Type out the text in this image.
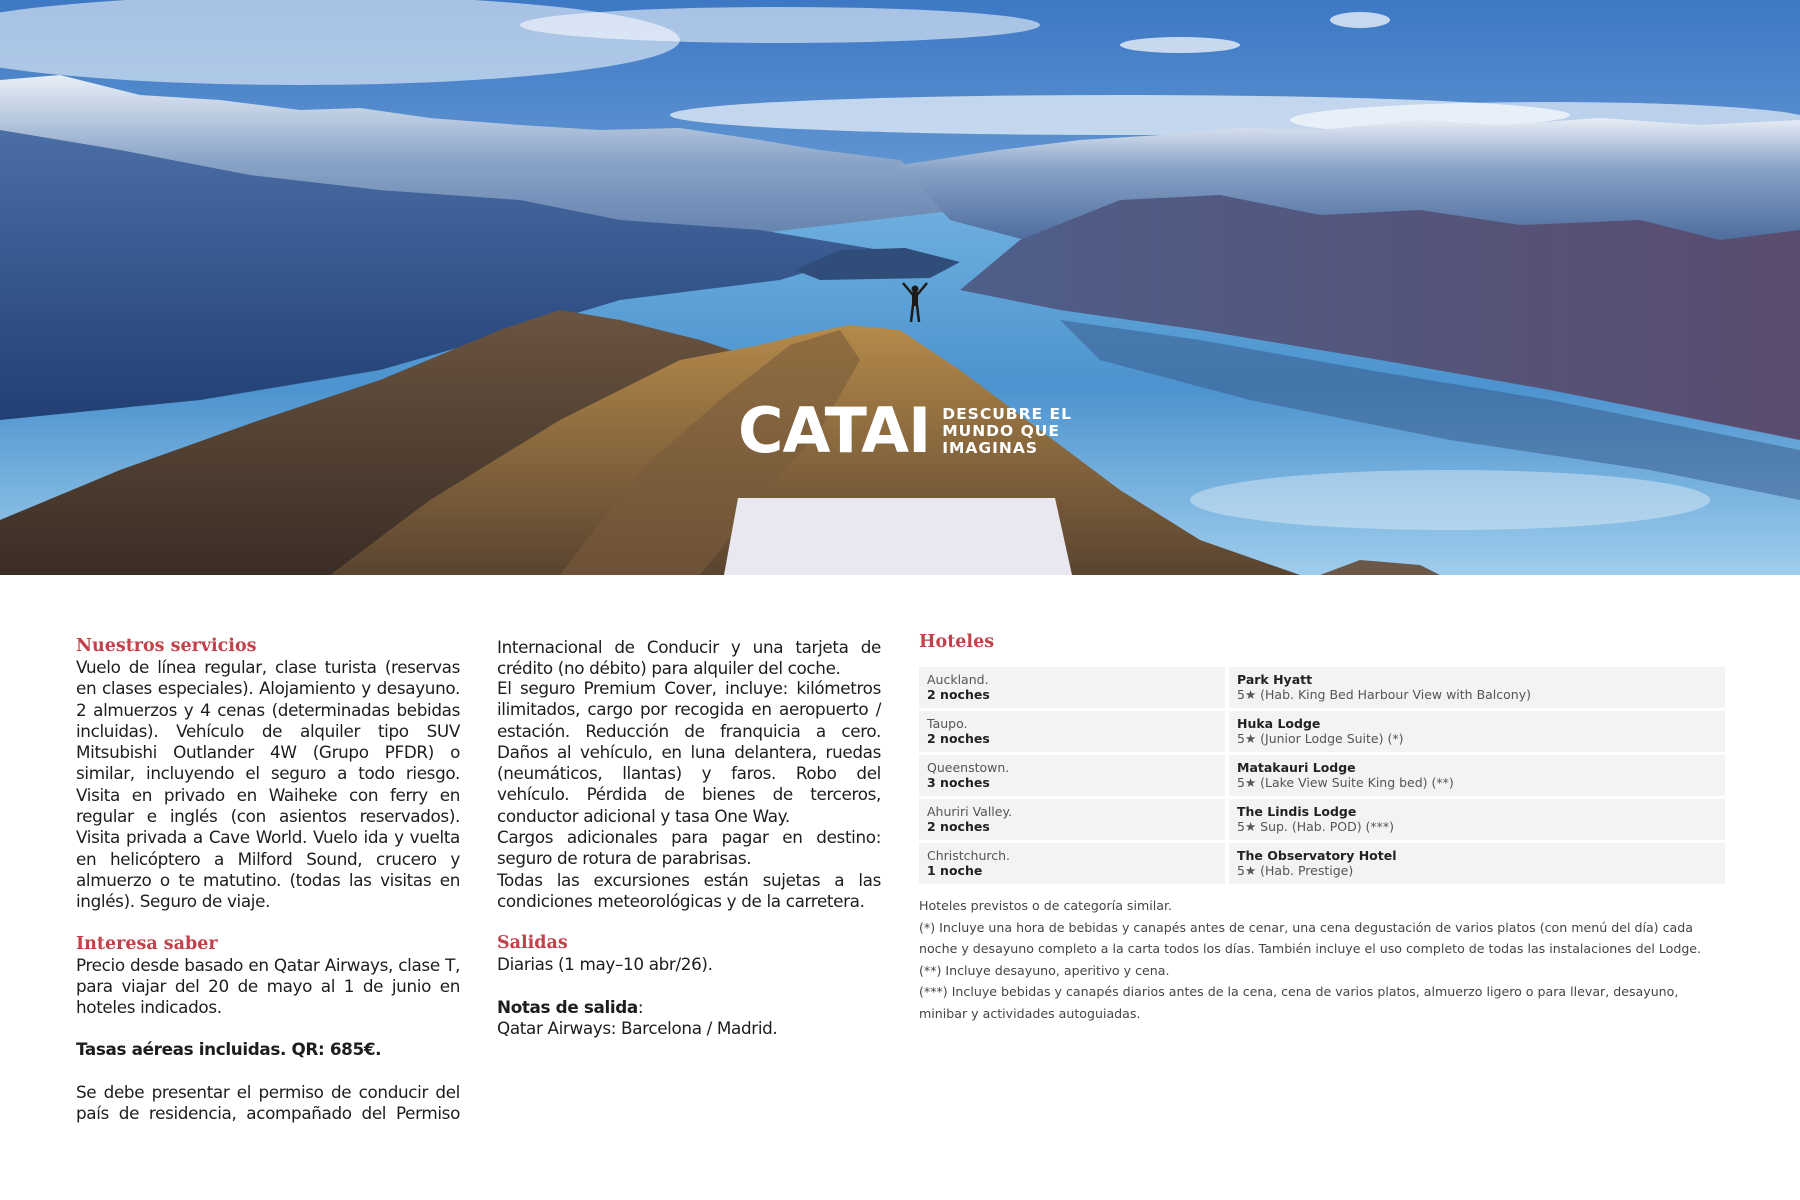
CATAI DESCUBRE EL
MUNDO QUE
IMAGINAS
Nuestros servicios

Vuelo de línea regular, clase turista (reservas en clases especiales). Alojamiento y desayuno. 2 almuerzos y 4 cenas (determinadas bebidas incluidas). Vehículo de alquiler tipo SUV Mitsubishi Outlander 4W (Grupo PFDR) o similar, incluyendo el seguro a todo riesgo. Visita en privado en Waiheke con ferry en regular e inglés (con asientos reservados). Visita privada a Cave World. Vuelo ida y vuelta en helicóptero a Milford Sound, crucero y almuerzo o te matutino. (todas las visitas en inglés). Seguro de viaje.

Interesa saber

Precio desde basado en Qatar Airways, clase T, para viajar del 20 de mayo al 1 de junio en hoteles indicados.

Tasas aéreas incluidas. QR: 685€.

Se debe presentar el permiso de conducir del país de residencia, acompañado del Permiso

Internacional de Conducir y una tarjeta de crédito (no débito) para alquiler del coche.

El seguro Premium Cover, incluye: kilómetros ilimitados, cargo por recogida en aeropuerto / estación. Reducción de franquicia a cero. Daños al vehículo, en luna delantera, ruedas (neumáticos, llantas) y faros. Robo del vehículo. Pérdida de bienes de terceros, conductor adicional y tasa One Way.

Cargos adicionales para pagar en destino: seguro de rotura de parabrisas.

Todas las excursiones están sujetas a las condiciones meteorológicas y de la carretera.

Salidas

Diarias (1 may–10 abr/26).

Notas de salida:

Qatar Airways: Barcelona / Madrid.

Hoteles
Auckland.
2 noches
Park Hyatt
5★ (Hab. King Bed Harbour View with Balcony)
Taupo.
2 noches
Huka Lodge
5★ (Junior Lodge Suite) (*)
Queenstown.
3 noches
Matakauri Lodge
5★ (Lake View Suite King bed) (**)
Ahuriri Valley.
2 noches
The Lindis Lodge
5★ Sup. (Hab. POD) (***)
Christchurch.
1 noche
The Observatory Hotel
5★ (Hab. Prestige)

Hoteles previstos o de categoría similar.

(*) Incluye una hora de bebidas y canapés antes de cenar, una cena degustación de varios platos (con menú del día) cada noche y desayuno completo a la carta todos los días. También incluye el uso completo de todas las instalaciones del Lodge.

(**) Incluye desayuno, aperitivo y cena.

(***) Incluye bebidas y canapés diarios antes de la cena, cena de varios platos, almuerzo ligero o para llevar, desayuno, minibar y actividades autoguiadas.
